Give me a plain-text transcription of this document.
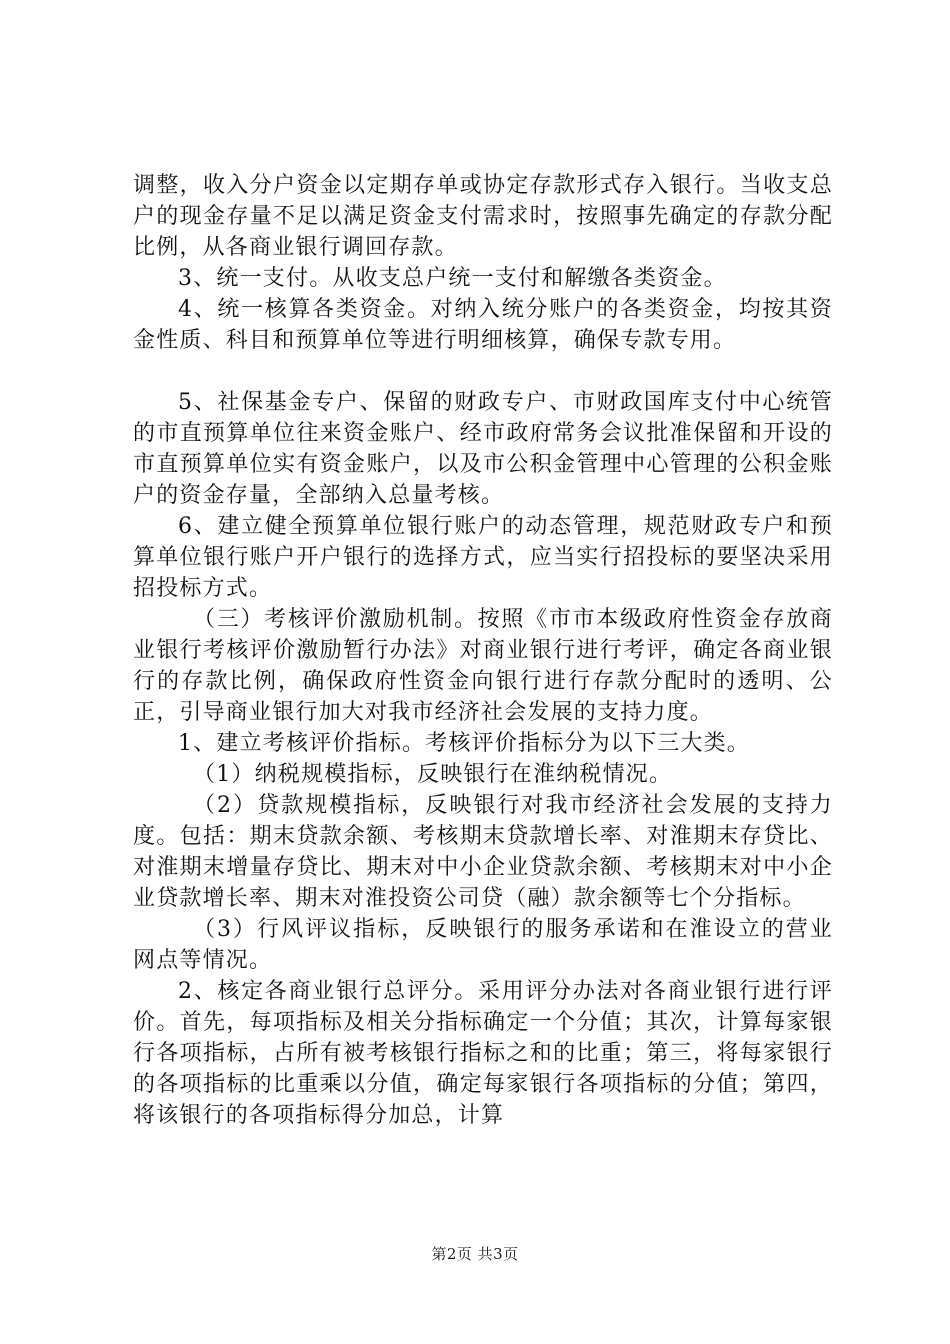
调整，收入分户资金以定期存单或协定存款形式存入银行。当收支总户的现金存量不足以满足资金支付需求时，按照事先确定的存款分配比例，从各商业银行调回存款。

3、统一支付。从收支总户统一支付和解缴各类资金。

4、统一核算各类资金。对纳入统分账户的各类资金，均按其资金性质、科目和预算单位等进行明细核算，确保专款专用。

5、社保基金专户、保留的财政专户、市财政国库支付中心统管的市直预算单位往来资金账户、经市政府常务会议批准保留和开设的市直预算单位实有资金账户，以及市公积金管理中心管理的公积金账户的资金存量，全部纳入总量考核。

6、建立健全预算单位银行账户的动态管理，规范财政专户和预算单位银行账户开户银行的选择方式，应当实行招投标的要坚决采用招投标方式。

（三）考核评价激励机制。按照《市市本级政府性资金存放商业银行考核评价激励暂行办法》对商业银行进行考评，确定各商业银行的存款比例，确保政府性资金向银行进行存款分配时的透明、公正，引导商业银行加大对我市经济社会发展的支持力度。

1、建立考核评价指标。考核评价指标分为以下三大类。

（1）纳税规模指标，反映银行在淮纳税情况。

（2）贷款规模指标，反映银行对我市经济社会发展的支持力度。包括：期末贷款余额、考核期末贷款增长率、对淮期末存贷比、对淮期末增量存贷比、期末对中小企业贷款余额、考核期末对中小企业贷款增长率、期末对淮投资公司贷（融）款余额等七个分指标。

（3）行风评议指标，反映银行的服务承诺和在淮设立的营业网点等情况。

2、核定各商业银行总评分。采用评分办法对各商业银行进行评价。首先，每项指标及相关分指标确定一个分值；其次，计算每家银行各项指标，占所有被考核银行指标之和的比重；第三，将每家银行的各项指标的比重乘以分值，确定每家银行各项指标的分值；第四，将该银行的各项指标得分加总，计算

第2页 共3页
